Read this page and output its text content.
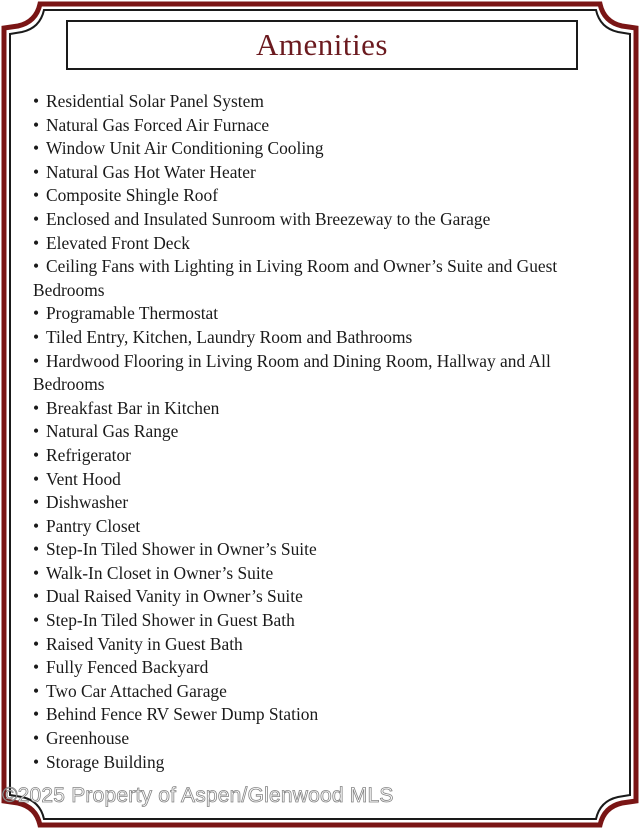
Amenities
• Residential Solar Panel System
• Natural Gas Forced Air Furnace
• Window Unit Air Conditioning Cooling
• Natural Gas Hot Water Heater
• Composite Shingle Roof
• Enclosed and Insulated Sunroom with Breezeway to the Garage
• Elevated Front Deck
• Ceiling Fans with Lighting in Living Room and Owner’s Suite and Guest Bedrooms
• Programable Thermostat
• Tiled Entry, Kitchen, Laundry Room and Bathrooms
• Hardwood Flooring in Living Room and Dining Room, Hallway and All Bedrooms
• Breakfast Bar in Kitchen
• Natural Gas Range
• Refrigerator
• Vent Hood
• Dishwasher
• Pantry Closet
• Step-In Tiled Shower in Owner’s Suite
• Walk-In Closet in Owner’s Suite
• Dual Raised Vanity in Owner’s Suite
• Step-In Tiled Shower in Guest Bath
• Raised Vanity in Guest Bath
• Fully Fenced Backyard
• Two Car Attached Garage
• Behind Fence RV Sewer Dump Station
• Greenhouse
• Storage Building
©2025 Property of Aspen/Glenwood MLS
